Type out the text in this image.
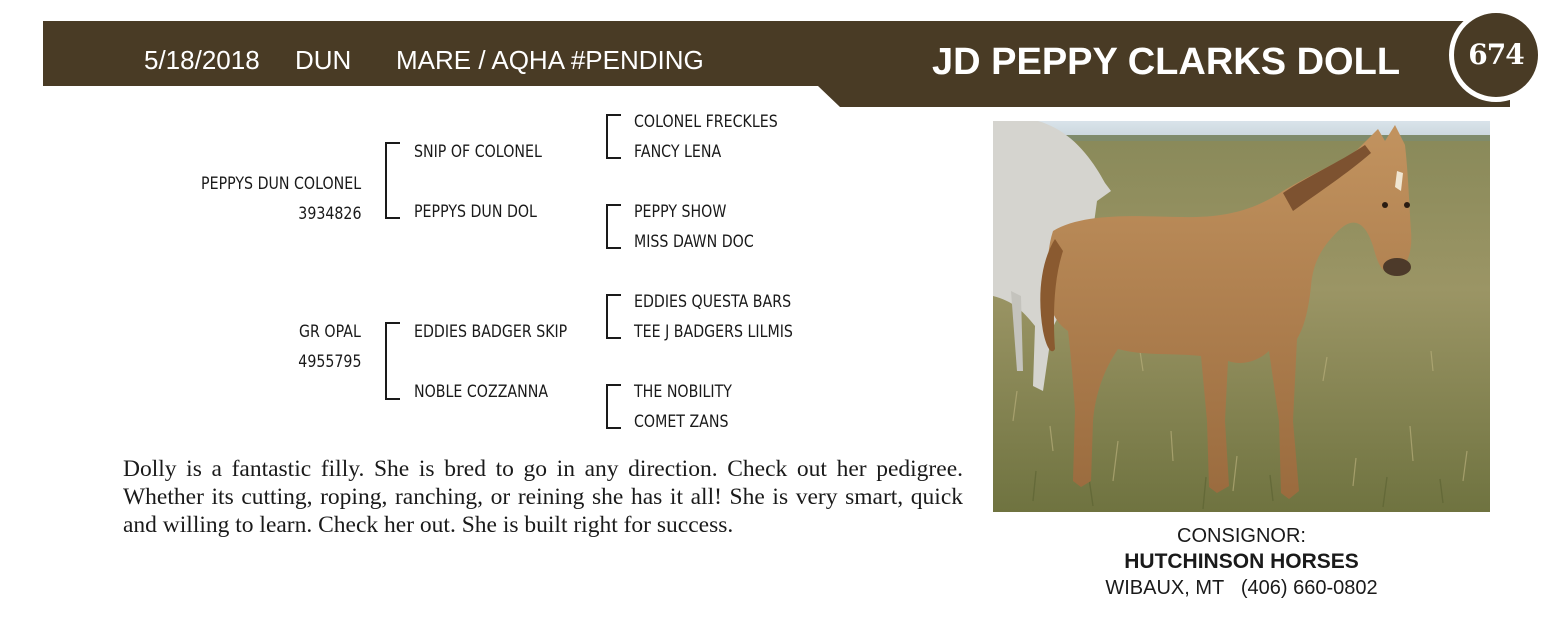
5/18/2018 DUN MARE / AQHA #PENDING	JD PEPPY CLARKS DOLL	674
PEPPYS DUN COLONEL
3934826
SNIP OF COLONEL
PEPPYS DUN DOL
COLONEL FRECKLES
FANCY LENA
PEPPY SHOW
MISS DAWN DOC
GR OPAL
4955795
EDDIES BADGER SKIP
NOBLE COZZANNA
EDDIES QUESTA BARS
TEE J BADGERS LILMIS
THE NOBILITY
COMET ZANS
Dolly is a fantastic filly. She is bred to go in any direction. Check out her pedigree. Whether its cutting, roping, ranching, or reining she has it all! She is very smart, quick and willing to learn. Check her out. She is built right for success.	CONSIGNOR:
HUTCHINSON HORSES
WIBAUX, MT (406) 660-0802
